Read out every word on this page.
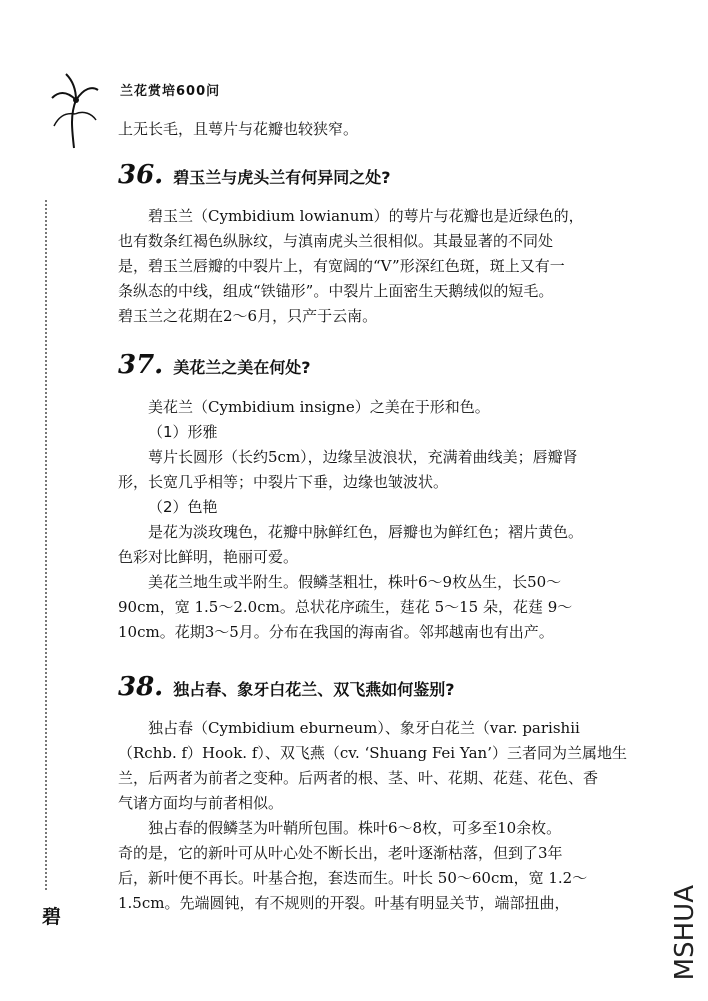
兰花赏培600问
碧	MSHUA
上无长毛，且萼片与花瓣也较狭窄。
36. 碧玉兰与虎头兰有何异同之处?
碧玉兰（Cymbidium lowianum）的萼片与花瓣也是近绿色的，
也有数条红褐色纵脉纹，与滇南虎头兰很相似。其最显著的不同处
是，碧玉兰唇瓣的中裂片上，有宽阔的“V”形深红色斑，斑上又有一
条纵态的中线，组成“铁锚形”。中裂片上面密生天鹅绒似的短毛。
碧玉兰之花期在2～6月，只产于云南。
37. 美花兰之美在何处?
美花兰（Cymbidium insigne）之美在于形和色。
（1）形雅
萼片长圆形（长约5cm），边缘呈波浪状，充满着曲线美；唇瓣肾
形，长宽几乎相等；中裂片下垂，边缘也皱波状。
（2）色艳
是花为淡玫瑰色，花瓣中脉鲜红色，唇瓣也为鲜红色；褶片黄色。
色彩对比鲜明，艳丽可爱。
美花兰地生或半附生。假鳞茎粗壮，株叶6～9枚丛生，长50～
90cm，宽 1.5～2.0cm。总状花序疏生，莛花 5～15 朵，花莛 9～
10cm。花期3～5月。分布在我国的海南省。邻邦越南也有出产。
38. 独占春、象牙白花兰、双飞燕如何鉴别?
独占春（Cymbidium eburneum）、象牙白花兰（var. parishii
（Rchb. f）Hook. f）、双飞燕（cv. ‘Shuang Fei Yan’）三者同为兰属地生
兰，后两者为前者之变种。后两者的根、茎、叶、花期、花莛、花色、香
气诸方面均与前者相似。
独占春的假鳞茎为叶鞘所包围。株叶6～8枚，可多至10余枚。
奇的是，它的新叶可从叶心处不断长出，老叶逐渐枯落，但到了3年
后，新叶便不再长。叶基合抱，套迭而生。叶长 50～60cm，宽 1.2～
1.5cm。先端圆钝，有不规则的开裂。叶基有明显关节，端部扭曲，
